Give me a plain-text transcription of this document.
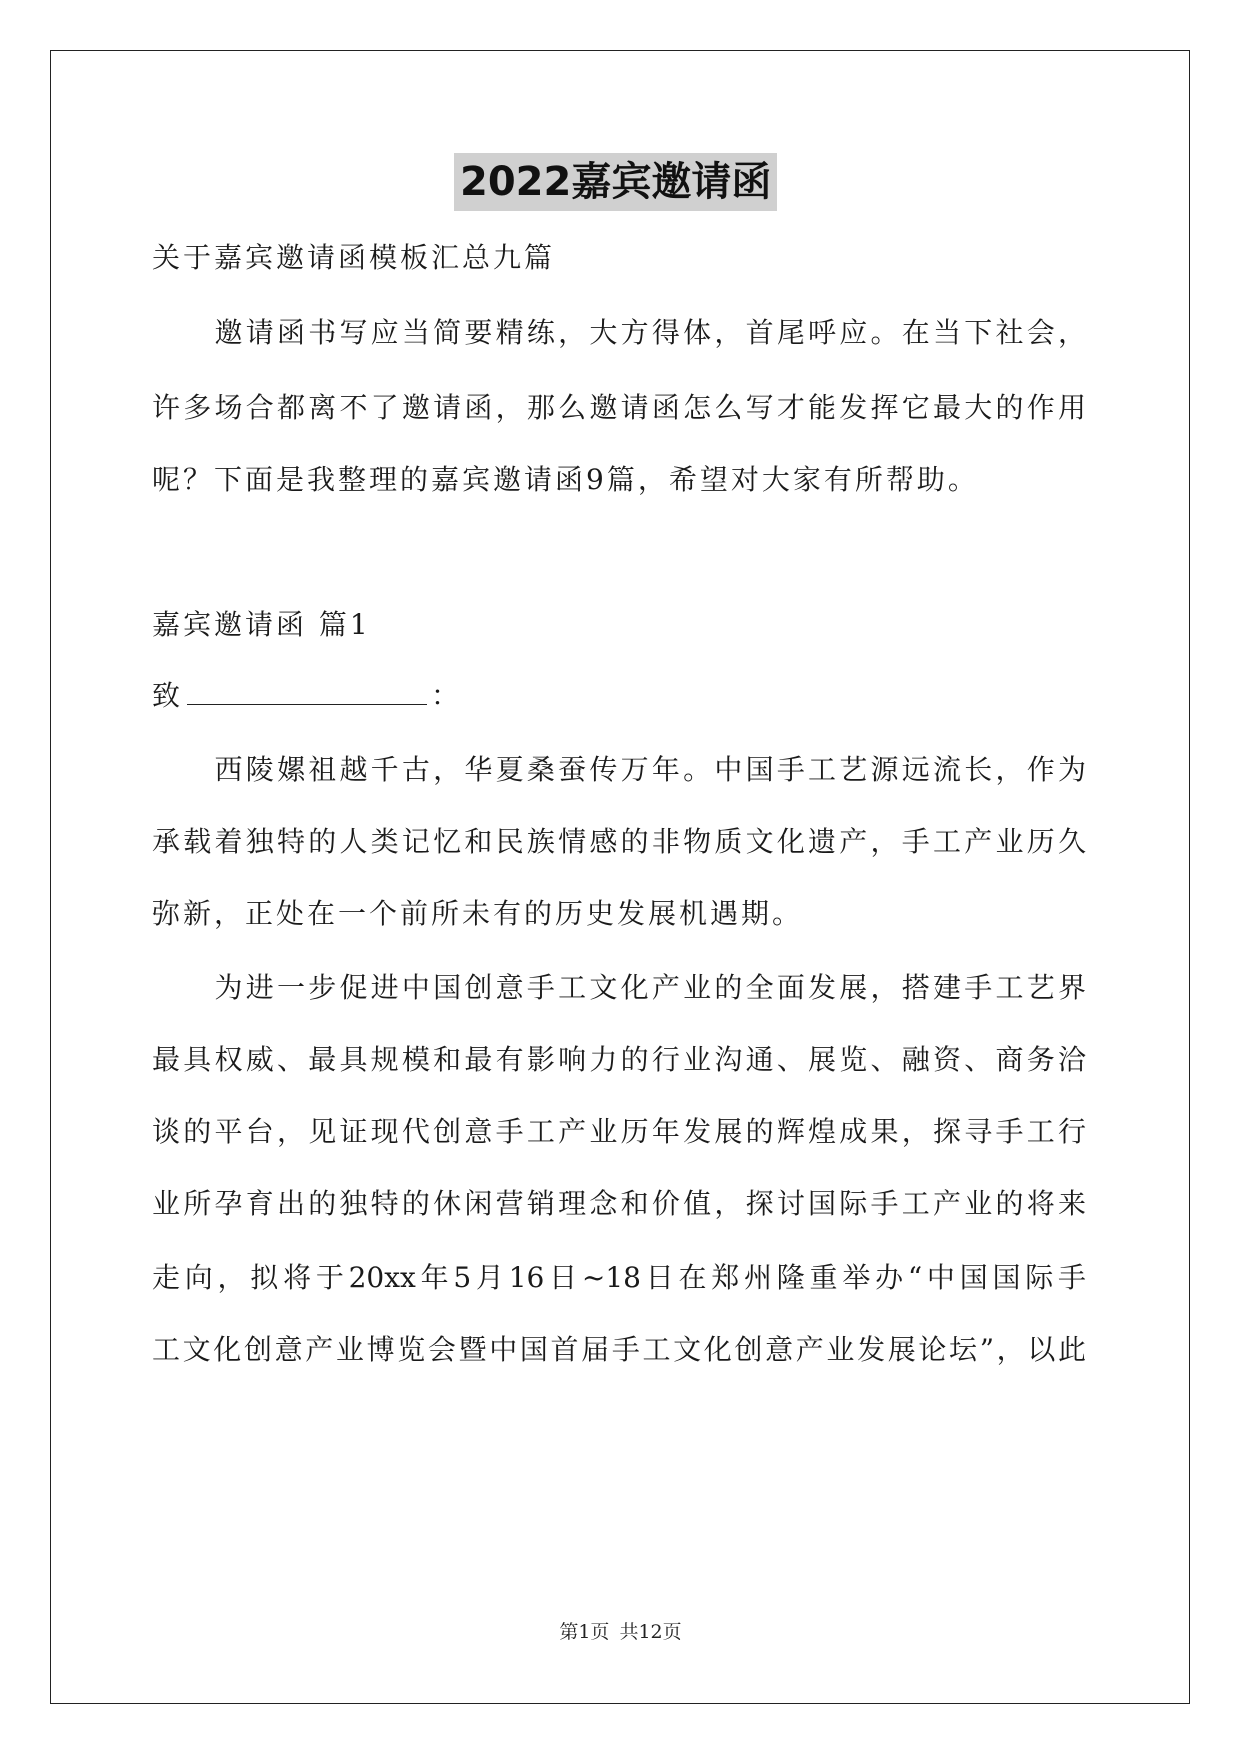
2022嘉宾邀请函
关于嘉宾邀请函模板汇总九篇
　　邀请函书写应当简要精练，大方得体，首尾呼应。在当下社会，
许多场合都离不了邀请函，那么邀请函怎么写才能发挥它最大的作用
呢？下面是我整理的嘉宾邀请函9篇，希望对大家有所帮助。
嘉宾邀请函 篇1
致	：
　　西陵嫘祖越千古，华夏桑蚕传万年。中国手工艺源远流长，作为
承载着独特的人类记忆和民族情感的非物质文化遗产，手工产业历久
弥新，正处在一个前所未有的历史发展机遇期。
　　为进一步促进中国创意手工文化产业的全面发展，搭建手工艺界
最具权威、最具规模和最有影响力的行业沟通、展览、融资、商务洽
谈的平台，见证现代创意手工产业历年发展的辉煌成果，探寻手工行
业所孕育出的独特的休闲营销理念和价值，探讨国际手工产业的将来
走向，拟将于20xx年5月16日~18日在郑州隆重举办“中国国际手
工文化创意产业博览会暨中国首届手工文化创意产业发展论坛”，以此
第1页 共12页
